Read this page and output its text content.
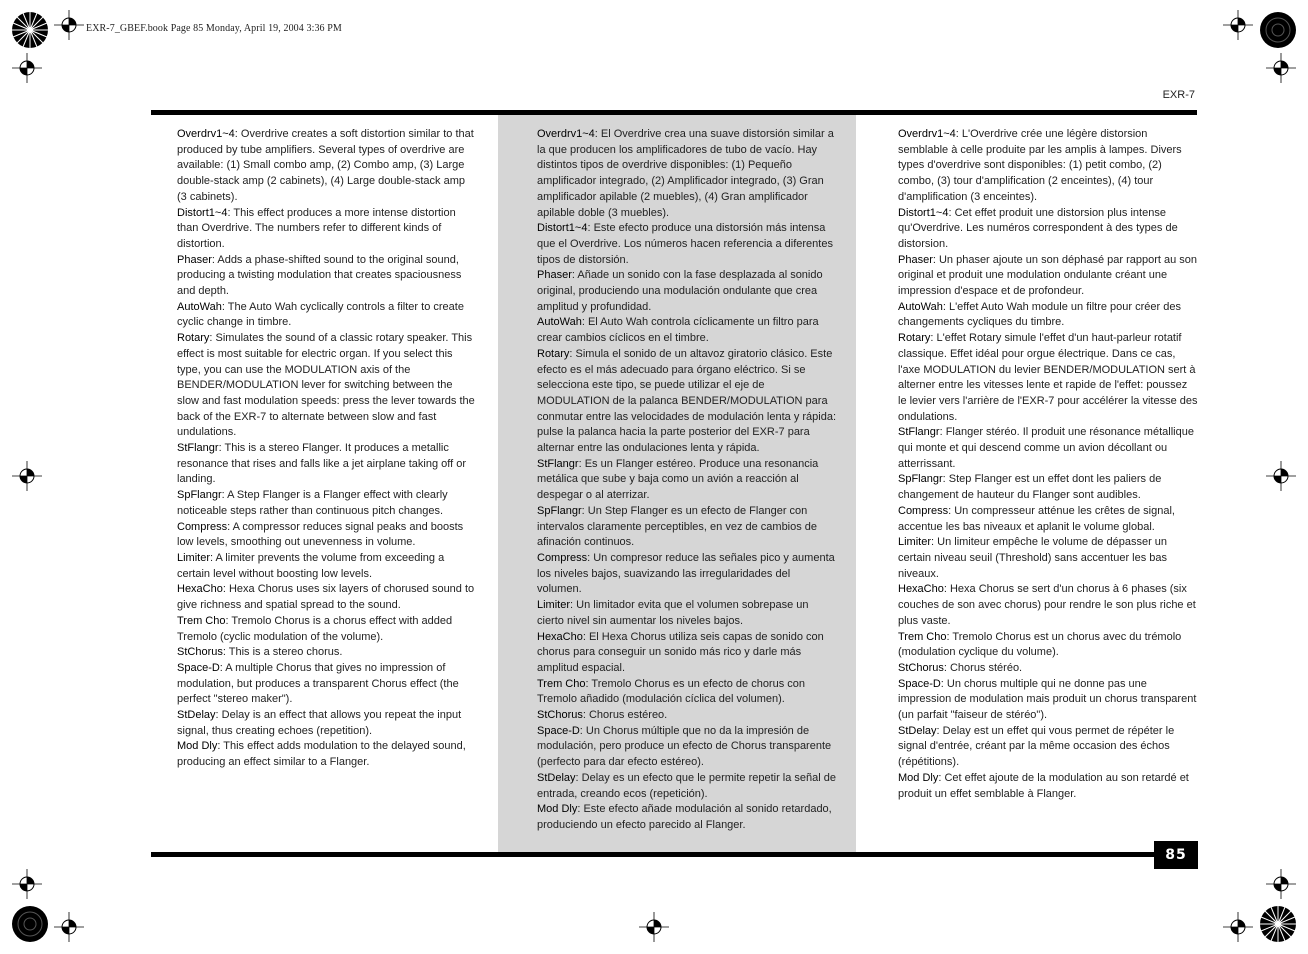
EXR-7_GBEF.book Page 85 Monday, April 19, 2004 3:36 PM
EXR-7

Overdrv1~4: Overdrive creates a soft distortion similar to that produced by tube amplifiers. Several types of overdrive are available: (1) Small combo amp, (2) Combo amp, (3) Large double-stack amp (2 cabinets), (4) Large double-stack amp (3 cabinets).

Distort1~4: This effect produces a more intense distortion than Overdrive. The numbers refer to different kinds of distortion.

Phaser: Adds a phase-shifted sound to the original sound, producing a twisting modulation that creates spaciousness and depth.

AutoWah: The Auto Wah cyclically controls a filter to create cyclic change in timbre.

Rotary: Simulates the sound of a classic rotary speaker. This effect is most suitable for electric organ. If you select this type, you can use the MODULATION axis of the BENDER/MODULATION lever for switching between the slow and fast modulation speeds: press the lever towards the back of the EXR-7 to alternate between slow and fast undulations.

StFlangr: This is a stereo Flanger. It produces a metallic resonance that rises and falls like a jet airplane taking off or landing.

SpFlangr: A Step Flanger is a Flanger effect with clearly noticeable steps rather than continuous pitch changes.

Compress: A compressor reduces signal peaks and boosts low levels, smoothing out unevenness in volume.

Limiter: A limiter prevents the volume from exceeding a certain level without boosting low levels.

HexaCho: Hexa Chorus uses six layers of chorused sound to give richness and spatial spread to the sound.

Trem Cho: Tremolo Chorus is a chorus effect with added Tremolo (cyclic modulation of the volume).

StChorus: This is a stereo chorus.

Space-D: A multiple Chorus that gives no impression of modulation, but produces a transparent Chorus effect (the perfect "stereo maker").

StDelay: Delay is an effect that allows you repeat the input signal, thus creating echoes (repetition).

Mod Dly: This effect adds modulation to the delayed sound, producing an effect similar to a Flanger.

Overdrv1~4: El Overdrive crea una suave distorsión similar a la que producen los amplificadores de tubo de vacío. Hay distintos tipos de overdrive disponibles: (1) Pequeño amplificador integrado, (2) Amplificador integrado, (3) Gran amplificador apilable (2 muebles), (4) Gran amplificador apilable doble (3 muebles).

Distort1~4: Este efecto produce una distorsión más intensa que el Overdrive. Los números hacen referencia a diferentes tipos de distorsión.

Phaser: Añade un sonido con la fase desplazada al sonido original, produciendo una modulación ondulante que crea amplitud y profundidad.

AutoWah: El Auto Wah controla cíclicamente un filtro para crear cambios cíclicos en el timbre.

Rotary: Simula el sonido de un altavoz giratorio clásico. Este efecto es el más adecuado para órgano eléctrico. Si se selecciona este tipo, se puede utilizar el eje de MODULATION de la palanca BENDER/MODULATION para conmutar entre las velocidades de modulación lenta y rápida: pulse la palanca hacia la parte posterior del EXR-7 para alternar entre las ondulaciones lenta y rápida.

StFlangr: Es un Flanger estéreo. Produce una resonancia metálica que sube y baja como un avión a reacción al despegar o al aterrizar.

SpFlangr: Un Step Flanger es un efecto de Flanger con intervalos claramente perceptibles, en vez de cambios de afinación continuos.

Compress: Un compresor reduce las señales pico y aumenta los niveles bajos, suavizando las irregularidades del volumen.

Limiter: Un limitador evita que el volumen sobrepase un cierto nivel sin aumentar los niveles bajos.

HexaCho: El Hexa Chorus utiliza seis capas de sonido con chorus para conseguir un sonido más rico y darle más amplitud espacial.

Trem Cho: Tremolo Chorus es un efecto de chorus con Tremolo añadido (modulación cíclica del volumen).

StChorus: Chorus estéreo.

Space-D: Un Chorus múltiple que no da la impresión de modulación, pero produce un efecto de Chorus transparente (perfecto para dar efecto estéreo).

StDelay: Delay es un efecto que le permite repetir la señal de entrada, creando ecos (repetición).

Mod Dly: Este efecto añade modulación al sonido retardado, produciendo un efecto parecido al Flanger.

Overdrv1~4: L'Overdrive crée une légère distorsion semblable à celle produite par les amplis à lampes. Divers types d'overdrive sont disponibles: (1) petit combo, (2) combo, (3) tour d'amplification (2 enceintes), (4) tour d'amplification (3 enceintes).

Distort1~4: Cet effet produit une distorsion plus intense qu'Overdrive. Les numéros correspondent à des types de distorsion.

Phaser: Un phaser ajoute un son déphasé par rapport au son original et produit une modulation ondulante créant une impression d'espace et de profondeur.

AutoWah: L'effet Auto Wah module un filtre pour créer des changements cycliques du timbre.

Rotary: L'effet Rotary simule l'effet d'un haut-parleur rotatif classique. Effet idéal pour orgue électrique. Dans ce cas, l'axe MODULATION du levier BENDER/MODULATION sert à alterner entre les vitesses lente et rapide de l'effet: poussez le levier vers l'arrière de l'EXR-7 pour accélérer la vitesse des ondulations.

StFlangr: Flanger stéréo. Il produit une résonance métallique qui monte et qui descend comme un avion décollant ou atterrissant.

SpFlangr: Step Flanger est un effet dont les paliers de changement de hauteur du Flanger sont audibles.

Compress: Un compresseur atténue les crêtes de signal, accentue les bas niveaux et aplanit le volume global.

Limiter: Un limiteur empêche le volume de dépasser un certain niveau seuil (Threshold) sans accentuer les bas niveaux.

HexaCho: Hexa Chorus se sert d'un chorus à 6 phases (six couches de son avec chorus) pour rendre le son plus riche et plus vaste.

Trem Cho: Tremolo Chorus est un chorus avec du trémolo (modulation cyclique du volume).

StChorus: Chorus stéréo.

Space-D: Un chorus multiple qui ne donne pas une impression de modulation mais produit un chorus transparent (un parfait "faiseur de stéréo").

StDelay: Delay est un effet qui vous permet de répéter le signal d'entrée, créant par la même occasion des échos (répétitions).

Mod Dly: Cet effet ajoute de la modulation au son retardé et produit un effet semblable à Flanger.

85
